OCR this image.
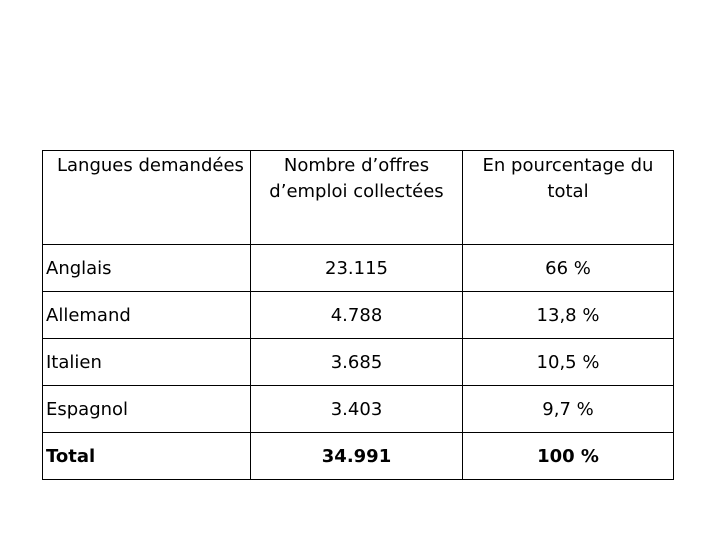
Langues demandées	Nombre d’offres d’emploi collectées	En pourcentage du total
Anglais	23.115	66 %
Allemand	4.788	13,8 %
Italien	3.685	10,5 %
Espagnol	3.403	9,7 %
Total	34.991	100 %
